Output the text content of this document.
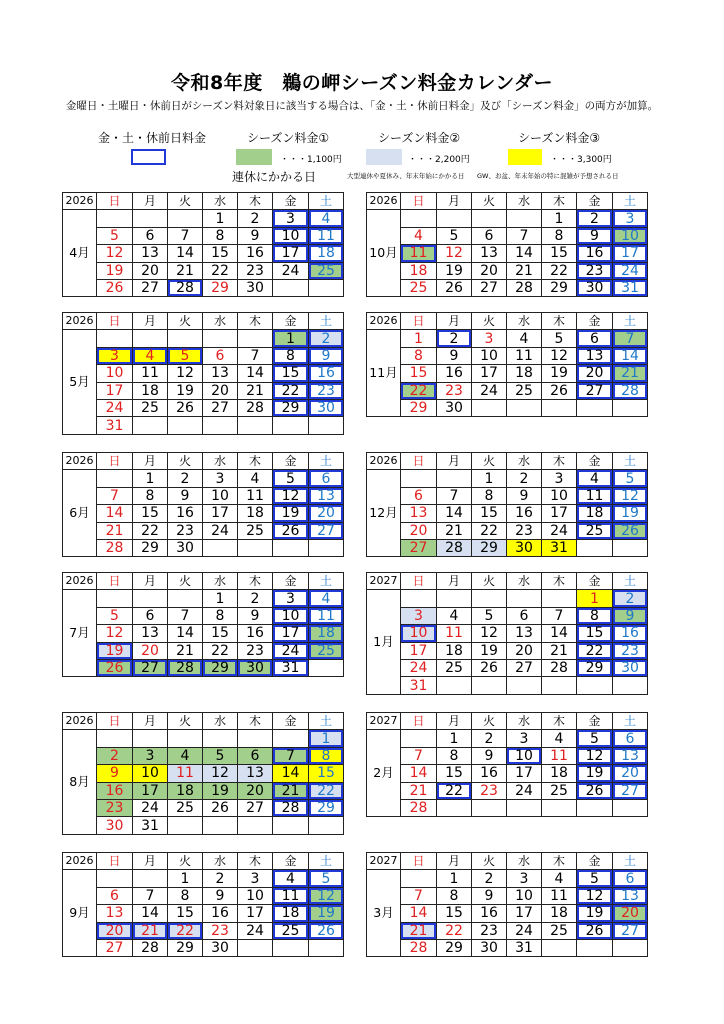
令和8年度　鵜の岬シーズン料金カレンダー
金曜日・土曜日・休前日がシーズン料対象日に該当する場合は、「金・土・休前日料金」及び「シーズン料金」の両方が加算。
金・土・休前日料金	シーズン料金①
・・・1,100円
大型連休や夏休み、年末年始にかかる日
シーズン料金②
・・・2,200円
GW、お盆、年末年始の特に混雑が予想される日
シーズン料金③
・・・3,300円
連休にかかる日
2026	日	月	火	水	木	金	土
4月				1	2	3	4
	5	6	7	8	9	10	11
	12	13	14	15	16	17	18
	19	20	21	22	23	24	25
	26	27	28	29	30		
2026	日	月	火	水	木	金	土
10月					1	2	3
	4	5	6	7	8	9	10
	11	12	13	14	15	16	17
	18	19	20	21	22	23	24
	25	26	27	28	29	30	31
2026	日	月	火	水	木	金	土
5月						1	2
	3	4	5	6	7	8	9
	10	11	12	13	14	15	16
	17	18	19	20	21	22	23
	24	25	26	27	28	29	30
	31						
2026	日	月	火	水	木	金	土
11月	1	2	3	4	5	6	7
	8	9	10	11	12	13	14
	15	16	17	18	19	20	21
	22	23	24	25	26	27	28
	29	30					
2026	日	月	火	水	木	金	土
6月		1	2	3	4	5	6
	7	8	9	10	11	12	13
	14	15	16	17	18	19	20
	21	22	23	24	25	26	27
	28	29	30				
2026	日	月	火	水	木	金	土
12月			1	2	3	4	5
	6	7	8	9	10	11	12
	13	14	15	16	17	18	19
	20	21	22	23	24	25	26
	27	28	29	30	31		
2026	日	月	火	水	木	金	土
7月				1	2	3	4
	5	6	7	8	9	10	11
	12	13	14	15	16	17	18
	19	20	21	22	23	24	25
	26	27	28	29	30	31	
2027	日	月	火	水	木	金	土
1月						1	2
	3	4	5	6	7	8	9
	10	11	12	13	14	15	16
	17	18	19	20	21	22	23
	24	25	26	27	28	29	30
	31						
2026	日	月	火	水	木	金	土
8月							1
	2	3	4	5	6	7	8
	9	10	11	12	13	14	15
	16	17	18	19	20	21	22
	23	24	25	26	27	28	29
	30	31					
2027	日	月	火	水	木	金	土
2月		1	2	3	4	5	6
	7	8	9	10	11	12	13
	14	15	16	17	18	19	20
	21	22	23	24	25	26	27
	28						
2026	日	月	火	水	木	金	土
9月			1	2	3	4	5
	6	7	8	9	10	11	12
	13	14	15	16	17	18	19
	20	21	22	23	24	25	26
	27	28	29	30			
2027	日	月	火	水	木	金	土
3月		1	2	3	4	5	6
	7	8	9	10	11	12	13
	14	15	16	17	18	19	20
	21	22	23	24	25	26	27
	28	29	30	31			
